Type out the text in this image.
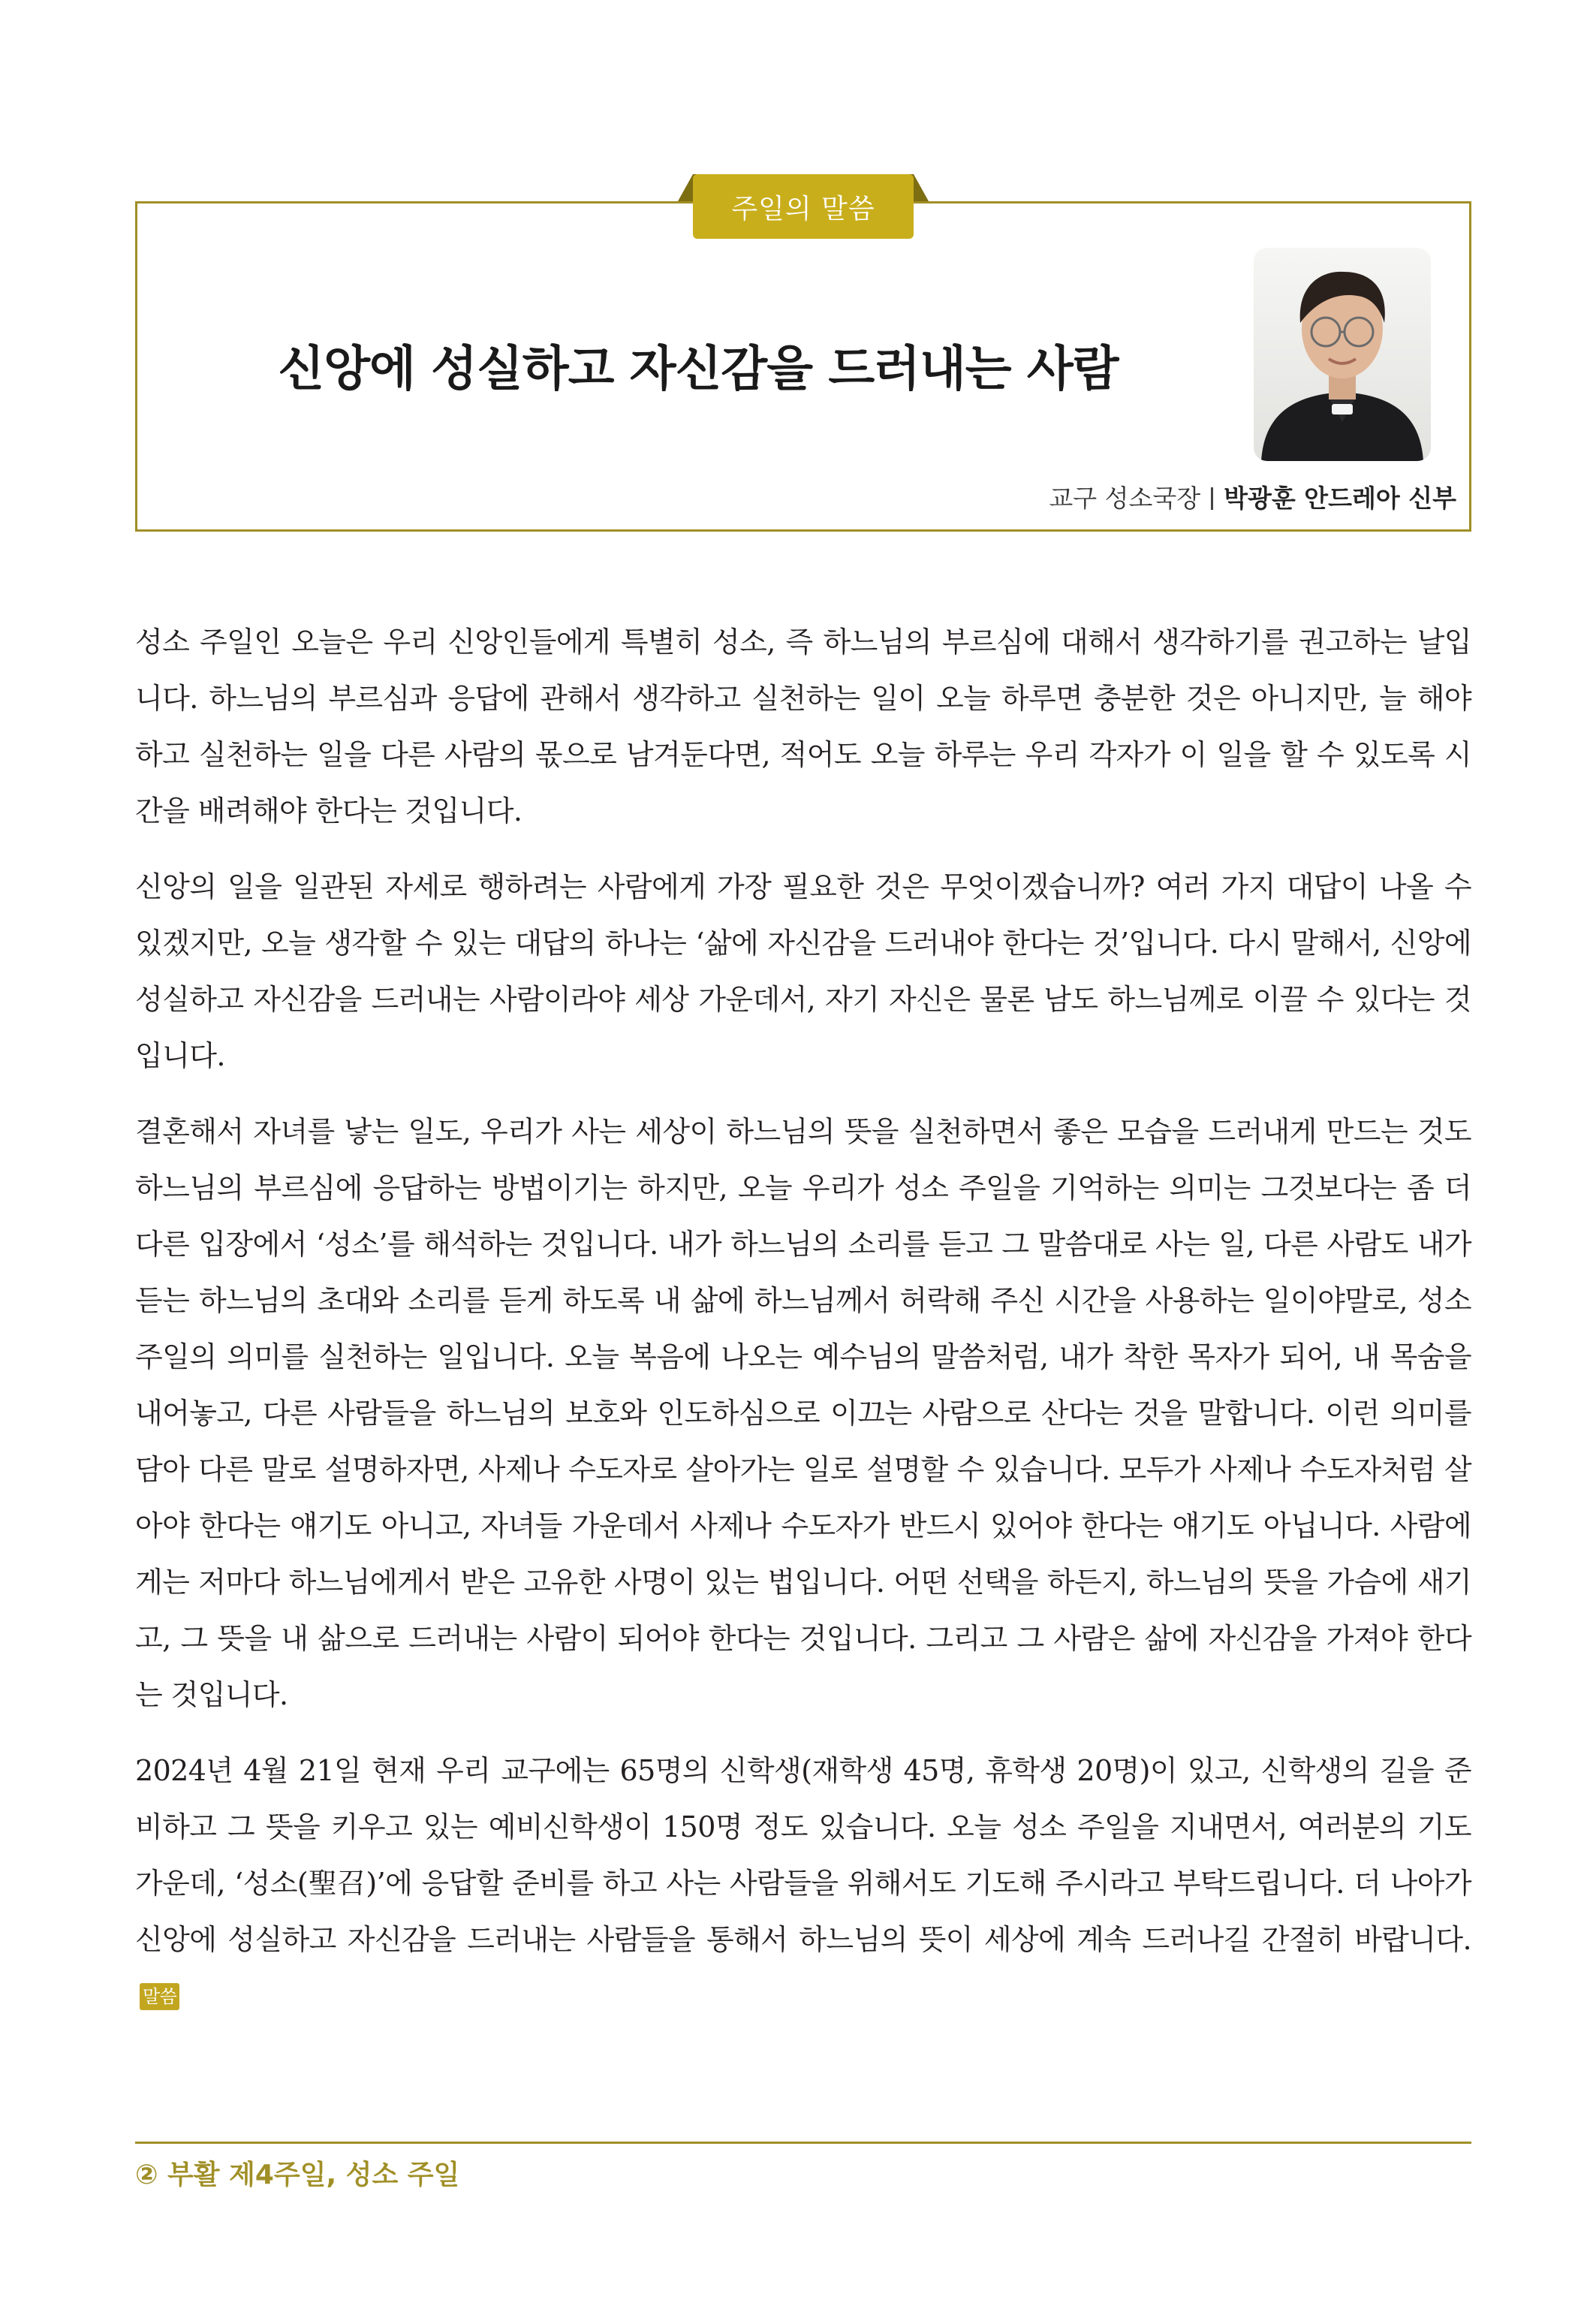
주일의 말씀
신앙에 성실하고 자신감을 드러내는 사람
교구 성소국장 박광훈 안드레아 신부

성소 주일인 오늘은 우리 신앙인들에게 특별히 성소, 즉 하느님의 부르심에 대해서 생각하기를 권고하는 날입니다. 하느님의 부르심과 응답에 관해서 생각하고 실천하는 일이 오늘 하루면 충분한 것은 아니지만, 늘 해야 하고 실천하는 일을 다른 사람의 몫으로 남겨둔다면, 적어도 오늘 하루는 우리 각자가 이 일을 할 수 있도록 시간을 배려해야 한다는 것입니다.

신앙의 일을 일관된 자세로 행하려는 사람에게 가장 필요한 것은 무엇이겠습니까? 여러 가지 대답이 나올 수 있겠지만, 오늘 생각할 수 있는 대답의 하나는 ‘삶에 자신감을 드러내야 한다는 것’입니다. 다시 말해서, 신앙에 성실하고 자신감을 드러내는 사람이라야 세상 가운데서, 자기 자신은 물론 남도 하느님께로 이끌 수 있다는 것입니다.

결혼해서 자녀를 낳는 일도, 우리가 사는 세상이 하느님의 뜻을 실천하면서 좋은 모습을 드러내게 만드는 것도 하느님의 부르심에 응답하는 방법이기는 하지만, 오늘 우리가 성소 주일을 기억하는 의미는 그것보다는 좀 더 다른 입장에서 ‘성소’를 해석하는 것입니다. 내가 하느님의 소리를 듣고 그 말씀대로 사는 일, 다른 사람도 내가 듣는 하느님의 초대와 소리를 듣게 하도록 내 삶에 하느님께서 허락해 주신 시간을 사용하는 일이야말로, 성소 주일의 의미를 실천하는 일입니다. 오늘 복음에 나오는 예수님의 말씀처럼, 내가 착한 목자가 되어, 내 목숨을 내어놓고, 다른 사람들을 하느님의 보호와 인도하심으로 이끄는 사람으로 산다는 것을 말합니다. 이런 의미를 담아 다른 말로 설명하자면, 사제나 수도자로 살아가는 일로 설명할 수 있습니다. 모두가 사제나 수도자처럼 살아야 한다는 얘기도 아니고, 자녀들 가운데서 사제나 수도자가 반드시 있어야 한다는 얘기도 아닙니다. 사람에게는 저마다 하느님에게서 받은 고유한 사명이 있는 법입니다. 어떤 선택을 하든지, 하느님의 뜻을 가슴에 새기고, 그 뜻을 내 삶으로 드러내는 사람이 되어야 한다는 것입니다. 그리고 그 사람은 삶에 자신감을 가져야 한다는 것입니다.

2024년 4월 21일 현재 우리 교구에는 65명의 신학생(재학생 45명, 휴학생 20명)이 있고, 신학생의 길을 준비하고 그 뜻을 키우고 있는 예비신학생이 150명 정도 있습니다. 오늘 성소 주일을 지내면서, 여러분의 기도 가운데, ‘성소(聖召)’에 응답할 준비를 하고 사는 사람들을 위해서도 기도해 주시라고 부탁드립니다. 더 나아가 신앙에 성실하고 자신감을 드러내는 사람들을 통해서 하느님의 뜻이 세상에 계속 드러나길 간절히 바랍니다.말씀

② 부활 제4주일, 성소 주일
